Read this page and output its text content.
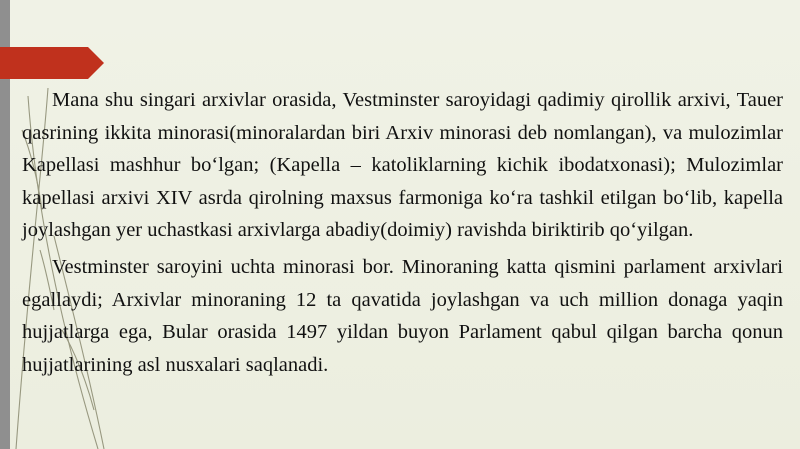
Mana shu singari arxivlar orasida, Vestminster saroyidagi qadimiy qirollik arxivi, Tauer qasrining ikkita minorasi(minoralardan biri Arxiv minorasi deb nomlangan), va mulozimlar Kapellasi mashhur bo‘lgan; (Kapella – katoliklarning kichik ibodatxonasi); Mulozimlar kapellasi arxivi XIV asrda qirolning maxsus farmoniga ko‘ra tashkil etilgan bo‘lib, kapella joylashgan yer uchastkasi arxivlarga abadiy(doimiy) ravishda biriktirib qo‘yilgan.

Vestminster saroyini uchta minorasi bor. Minoraning katta qismini parlament arxivlari egallaydi; Arxivlar minoraning 12 ta qavatida joylashgan va uch million donaga yaqin hujjatlarga ega, Bular orasida 1497 yildan buyon Parlament qabul qilgan barcha qonun hujjatlarining asl nusxalari saqlanadi.
